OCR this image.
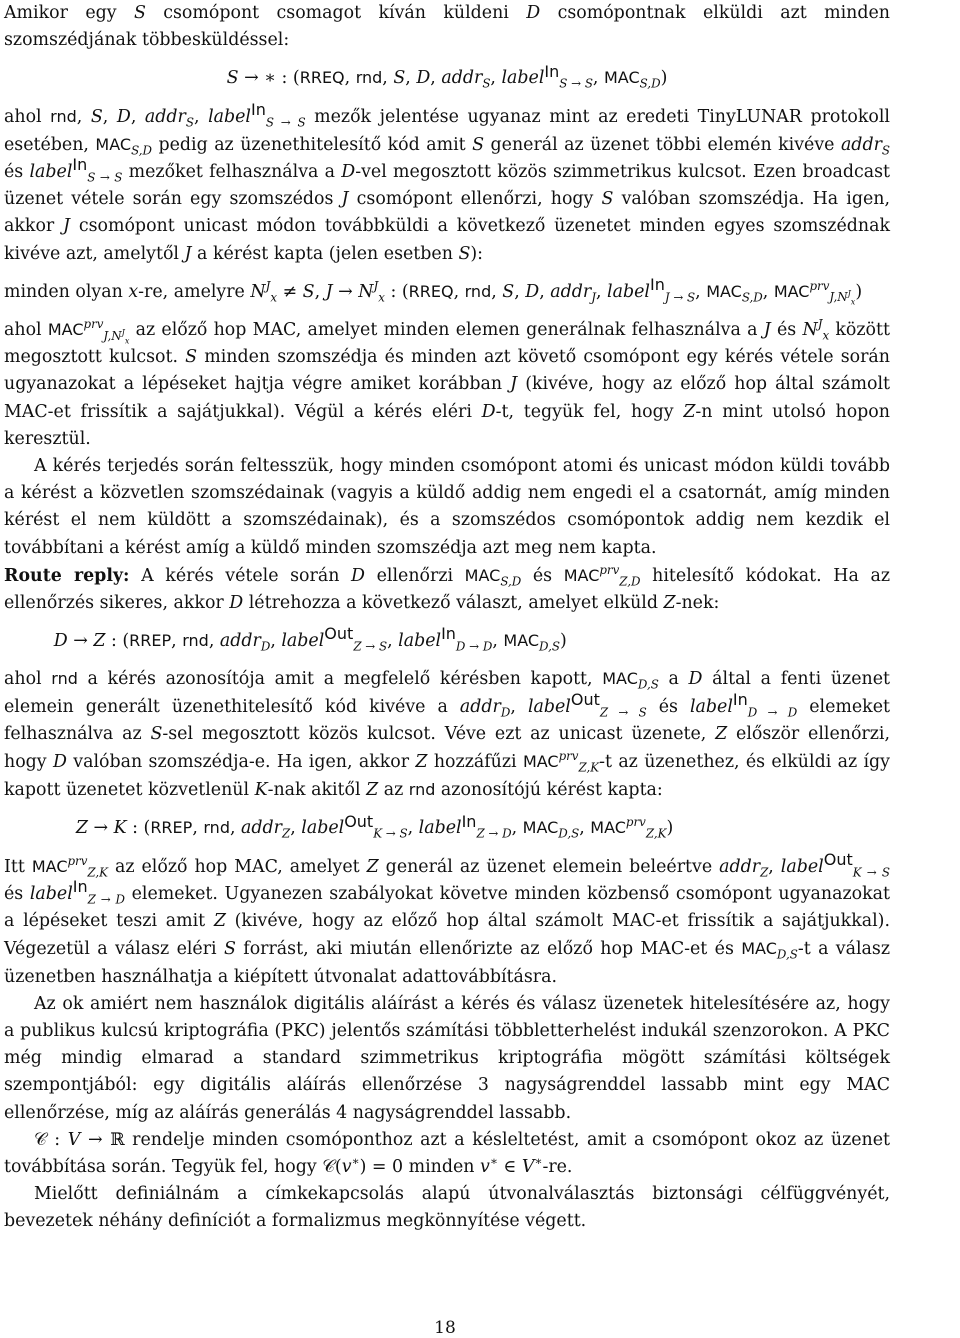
Amikor egy S csomópont csomagot kíván küldeni D csomópontnak elküldi azt minden szomszédjának többesküldéssel:

S → ∗ : (RREQ, rnd, S, D, addr$_S$, label$^{In}_{S \to S}$, $MAC_{S,D}$)

ahol rnd, S, D, addr$_S$, label$^{In}_{S \to S}$ mezők jelentése ugyanaz mint az eredeti TinyLUNAR protokoll esetében, $MAC_{S,D}$ pedig az üzenethitelesítő kód amit S generál az üzenet többi elemén kivéve addr$_S$ és label$^{In}_{S \to S}$ mezőket felhasználva a D-vel megosztott közös szimmetrikus kulcsot. Ezen broadcast üzenet vétele során egy szomszédos J csomópont ellenőrzi, hogy S valóban szomszédja. Ha igen, akkor J csomópont unicast módon továbbküldi a következő üzenetet minden egyes szomszédnak kivéve azt, amelytől J a kérést kapta (jelen esetben S):

minden olyan x-re, amelyre $N^J_x \ne S$, $J \to N^J_x$ : (RREQ, rnd, S, D, addr$_J$, label$^{In}_{J \to S}$, $MAC_{S,D}$, $MAC^{prv}_{J,N^J_x}$)

ahol $MAC^{prv}_{J,N^J_x}$ az előző hop MAC, amelyet minden elemen generálnak felhasználva a J és $N^J_x$ között megosztott kulcsot. S minden szomszédja és minden azt követő csomópont egy kérés vétele során ugyanazokat a lépéseket hajtja végre amiket korábban J (kivéve, hogy az előző hop által számolt MAC-et frissítik a sajátjukkal). Végül a kérés eléri D-t, tegyük fel, hogy Z-n mint utolsó hopon keresztül.

A kérés terjedés során feltesszük, hogy minden csomópont atomi és unicast módon küldi tovább a kérést a közvetlen szomszédainak (vagyis a küldő addig nem engedi el a csatornát, amíg minden kérést el nem küldött a szomszédainak), és a szomszédos csomópontok addig nem kezdik el továbbítani a kérést amíg a küldő minden szomszédja azt meg nem kapta.

Route reply: A kérés vétele során D ellenőrzi $MAC_{S,D}$ és $MAC^{prv}_{Z,D}$ hitelesítő kódokat. Ha az ellenőrzés sikeres, akkor D létrehozza a következő választ, amelyet elküld Z-nek:

D → Z : (RREP, rnd, addr$_D$, label$^{Out}_{Z \to S}$, label$^{In}_{D \to D}$, $MAC_{D,S}$)

ahol rnd a kérés azonosítója amit a megfelelő kérésben kapott, $MAC_{D,S}$ a D által a fenti üzenet elemein generált üzenethitelesítő kód kivéve a addr$_D$, label$^{Out}_{Z \to S}$ és label$^{In}_{D \to D}$ elemeket felhasználva az S-sel megosztott közös kulcsot. Véve ezt az unicast üzenete, Z először ellenőrzi, hogy D valóban szomszédja-e. Ha igen, akkor Z hozzáfűzi $MAC^{prv}_{Z,K}-t$ az üzenethez, és elküldi az így kapott üzenetet közvetlenül K-nak akitől Z az rnd azonosítójú kérést kapta:

Z → K : (RREP, rnd, addr$_Z$, label$^{Out}_{K \to S}$, label$^{In}_{Z \to D}$, $MAC_{D,S}$, $MAC^{prv}_{Z,K}$)

Itt $MAC^{prv}_{Z,K}$ az előző hop MAC, amelyet Z generál az üzenet elemein beleértve addr$_Z$, label$^{Out}_{K \to S}$ és label$^{In}_{Z \to D}$ elemeket. Ugyanezen szabályokat követve minden közbenső csomópont ugyanazokat a lépéseket teszi amit Z (kivéve, hogy az előző hop által számolt MAC-et frissítik a sajátjukkal). Végezetül a válasz eléri S forrást, aki miután ellenőrizte az előző hop MAC-et és $MAC_{D,S}-t$ a válasz üzenetben használhatja a kiépített útvonalat adattovábbításra.

Az ok amiért nem használok digitális aláírást a kérés és válasz üzenetek hitelesítésére az, hogy a publikus kulcsú kriptográfia (PKC) jelentős számítási többletterhelést indukál szenzorokon. A PKC még mindig elmarad a standard szimmetrikus kriptográfia mögött számítási költségek szempontjából: egy digitális aláírás ellenőrzése 3 nagyságrenddel lassabb mint egy MAC ellenőrzése, míg az aláírás generálás 4 nagyságrenddel lassabb.

𝒞 : V → ℝ rendelje minden csomóponthoz azt a késleltetést, amit a csomópont okoz az üzenet továbbítása során. Tegyük fel, hogy 𝒞(v∗) = 0 minden v∗ ∈ V∗-re.

Mielőtt definiálnám a címkekapcsolás alapú útvonalválasztás biztonsági célfüggvényét, bevezetek néhány definíciót a formalizmus megkönnyítése végett.

18
